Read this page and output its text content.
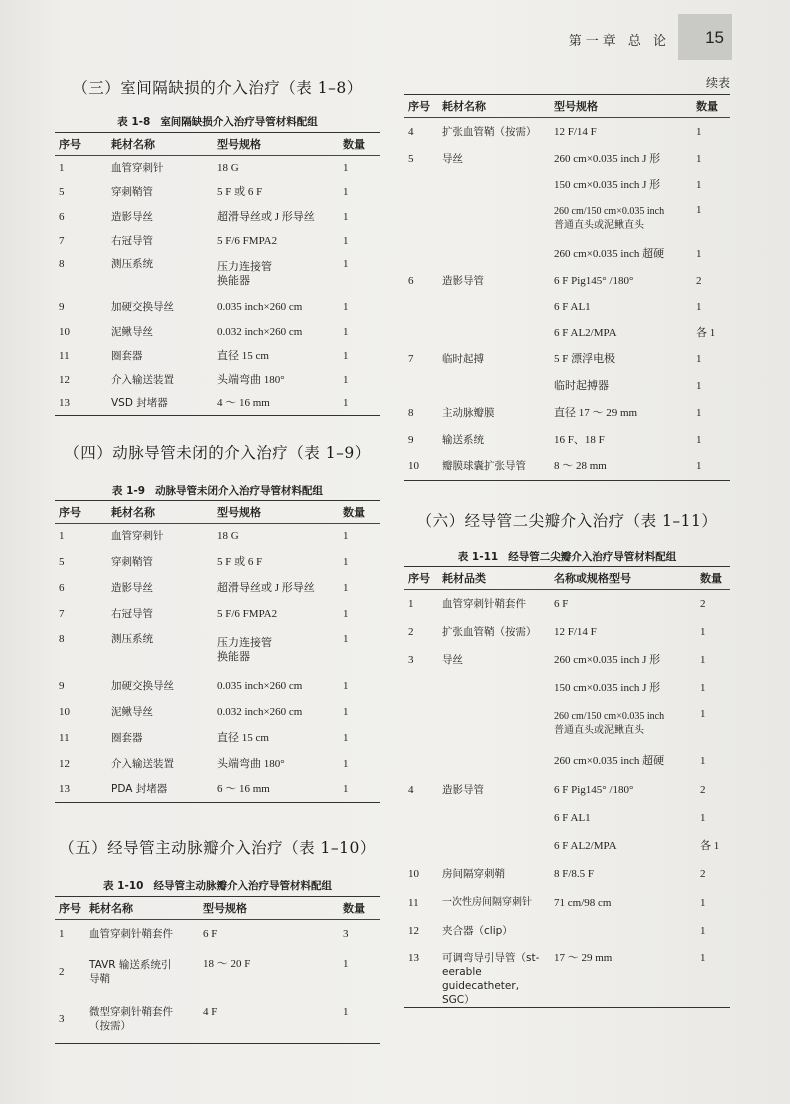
第一章 总 论 15
（三）室间隔缺损的介入治疗（表 1–8）
表 1-8 室间隔缺损介入治疗导管材料配组
序号	耗材名称	型号规格	数量
1	血管穿刺针	18 G	1
5	穿刺鞘管	5 F 或 6 F	1
6	造影导丝	超滑导丝或 J 形导丝	1
7	右冠导管	5 F/6 FMPA2	1
8	测压系统	压力连接管
换能器	1
9	加硬交换导丝	0.035 inch×260 cm	1
10	泥鳅导丝	0.032 inch×260 cm	1
11	圈套器	直径 15 cm	1
12	介入输送装置	头端弯曲 180°	1
13	VSD 封堵器	4 ～ 16 mm	1
（四）动脉导管未闭的介入治疗（表 1–9）
表 1-9 动脉导管未闭介入治疗导管材料配组
序号	耗材名称	型号规格	数量
1	血管穿刺针	18 G	1
5	穿刺鞘管	5 F 或 6 F	1
6	造影导丝	超滑导丝或 J 形导丝	1
7	右冠导管	5 F/6 FMPA2	1
8	测压系统	压力连接管
换能器	1
9	加硬交换导丝	0.035 inch×260 cm	1
10	泥鳅导丝	0.032 inch×260 cm	1
11	圈套器	直径 15 cm	1
12	介入输送装置	头端弯曲 180°	1
13	PDA 封堵器	6 ～ 16 mm	1
（五）经导管主动脉瓣介入治疗（表 1–10）
表 1-10 经导管主动脉瓣介入治疗导管材料配组
序号	耗材名称	型号规格	数量
1	血管穿刺针鞘套件	6 F	3
2	TAVR 输送系统引
导鞘	18 ～ 20 F	1
3	微型穿刺针鞘套件
（按需）	4 F	1
续表
序号	耗材名称	型号规格	数量
4	扩张血管鞘（按需）	12 F/14 F	1
5	导丝	260 cm×0.035 inch J 形	1
		150 cm×0.035 inch J 形	1

		260 cm/150 cm×0.035 inch
普通直头或泥鳅直头	1
		260 cm×0.035 inch 超硬	1
6	造影导管	6 F Pig145° /180°	2
		6 F AL1	1
		6 F AL2/MPA	各 1
7	临时起搏	5 F 漂浮电极	1
		临时起搏器	1
8	主动脉瓣膜	直径 17 ～ 29 mm	1
9	输送系统	16 F、18 F	1
10	瓣膜球囊扩张导管	8 ～ 28 mm	1
（六）经导管二尖瓣介入治疗（表 1–11）
表 1-11 经导管二尖瓣介入治疗导管材料配组
序号	耗材品类	名称或规格型号	数量
1	血管穿刺针鞘套件	6 F	2
2	扩张血管鞘（按需）	12 F/14 F	1
3	导丝	260 cm×0.035 inch J 形	1
		150 cm×0.035 inch J 形	1

		260 cm/150 cm×0.035 inch
普通直头或泥鳅直头	1
		260 cm×0.035 inch 超硬	1
4	造影导管	6 F Pig145° /180°	2
		6 F AL1	1
		6 F AL2/MPA	各 1
10	房间隔穿刺鞘	8 F/8.5 F	2
11	一次性房间隔穿刺针	71 cm/98 cm	1
12	夹合器（clip）		1
13	可调弯导引导管（st-
eerable guidecatheter,
SGC）	17 ～ 29 mm	1
